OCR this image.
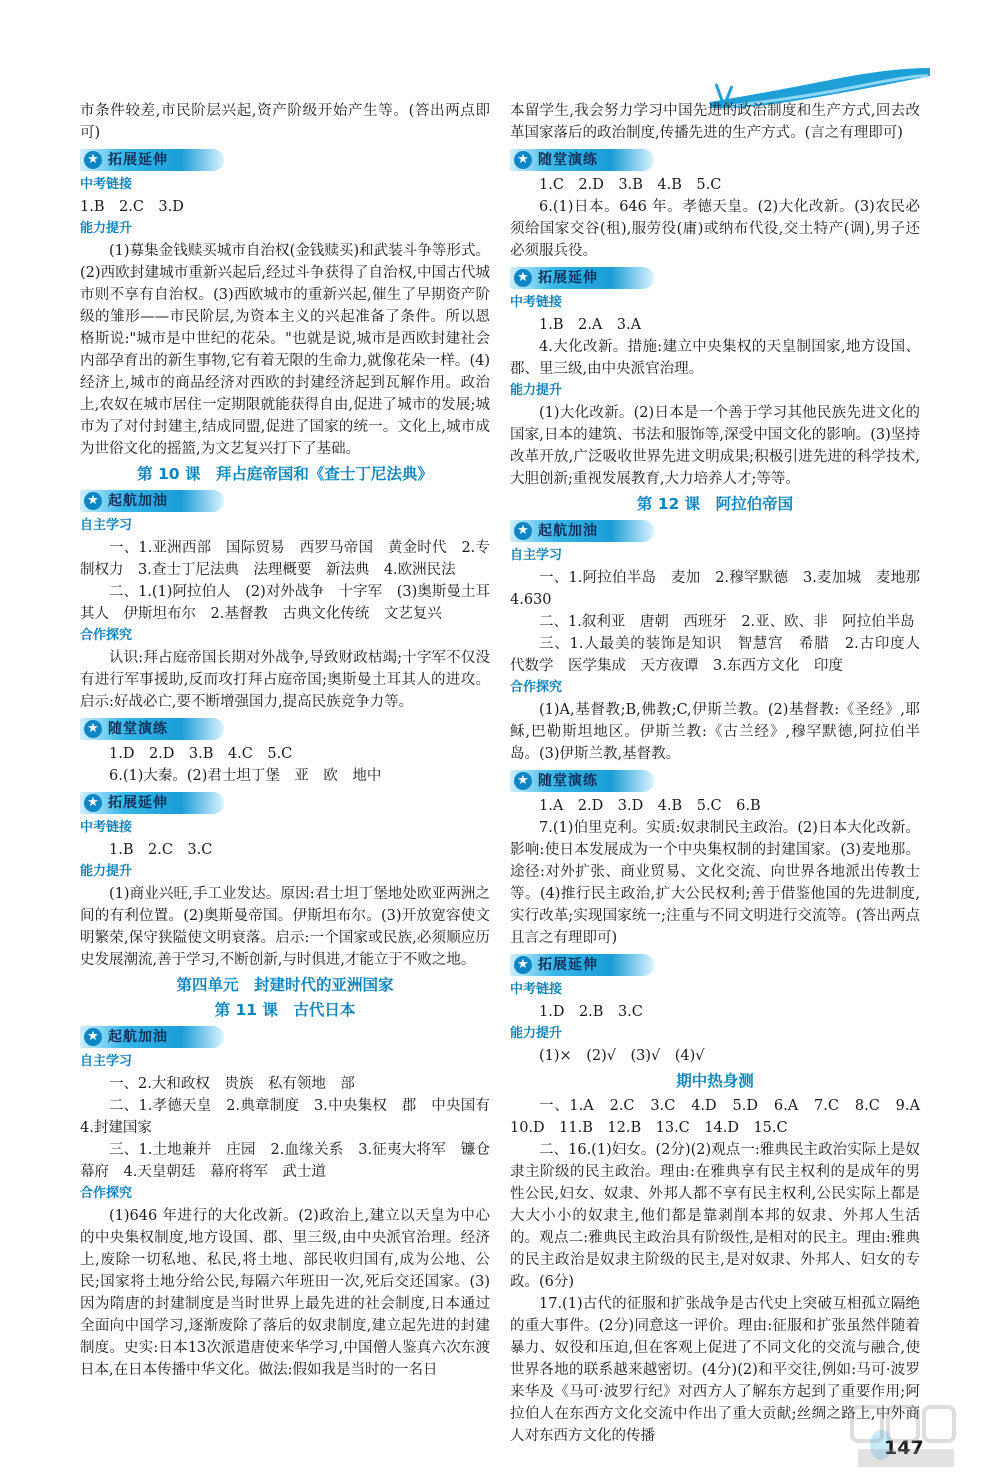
市条件较差,市民阶层兴起,资产阶级开始产生等。(答出两点即可)

★ 拓展延伸

中考链接

1.B　2.C　3.D

能力提升

(1)募集金钱赎买城市自治权(金钱赎买)和武装斗争等形式。(2)西欧封建城市重新兴起后,经过斗争获得了自治权,中国古代城市则不享有自治权。(3)西欧城市的重新兴起,催生了早期资产阶级的雏形——市民阶层,为资本主义的兴起准备了条件。所以恩格斯说:"城市是中世纪的花朵。"也就是说,城市是西欧封建社会内部孕育出的新生事物,它有着无限的生命力,就像花朵一样。(4)经济上,城市的商品经济对西欧的封建经济起到瓦解作用。政治上,农奴在城市居住一定期限就能获得自由,促进了城市的发展;城市为了对付封建主,结成同盟,促进了国家的统一。文化上,城市成为世俗文化的摇篮,为文艺复兴打下了基础。

第 10 课　拜占庭帝国和《查士丁尼法典》
★ 起航加油

自主学习

一、1.亚洲西部　国际贸易　西罗马帝国　黄金时代　2.专制权力　3.查士丁尼法典　法理概要　新法典　4.欧洲民法

二、1.(1)阿拉伯人　(2)对外战争　十字军　(3)奥斯曼土耳其人　伊斯坦布尔　2.基督教　古典文化传统　文艺复兴

合作探究

认识:拜占庭帝国长期对外战争,导致财政枯竭;十字军不仅没有进行军事援助,反而攻打拜占庭帝国;奥斯曼土耳其人的进攻。启示:好战必亡,要不断增强国力,提高民族竞争力等。

★ 随堂演练

1.D　2.D　3.B　4.C　5.C

6.(1)大秦。(2)君士坦丁堡　亚　欧　地中

★ 拓展延伸

中考链接

1.B　2.C　3.C

能力提升

(1)商业兴旺,手工业发达。原因:君士坦丁堡地处欧亚两洲之间的有利位置。(2)奥斯曼帝国。伊斯坦布尔。(3)开放宽容使文明繁荣,保守狭隘使文明衰落。启示:一个国家或民族,必须顺应历史发展潮流,善于学习,不断创新,与时俱进,才能立于不败之地。

第四单元　封建时代的亚洲国家
第 11 课　古代日本
★ 起航加油

自主学习

一、2.大和政权　贵族　私有领地　部

二、1.孝德天皇　2.典章制度　3.中央集权　郡　中央国有　4.封建国家

三、1.土地兼并　庄园　2.血缘关系　3.征夷大将军　镰仓幕府　4.天皇朝廷　幕府将军　武士道

合作探究

(1)646 年进行的大化改新。(2)政治上,建立以天皇为中心的中央集权制度,地方设国、郡、里三级,由中央派官治理。经济上,废除一切私地、私民,将土地、部民收归国有,成为公地、公民;国家将土地分给公民,每隔六年班田一次,死后交还国家。(3)因为隋唐的封建制度是当时世界上最先进的社会制度,日本通过全面向中国学习,逐渐废除了落后的奴隶制度,建立起先进的封建制度。史实:日本13次派遣唐使来华学习,中国僧人鉴真六次东渡日本,在日本传播中华文化。做法:假如我是当时的一名日

本留学生,我会努力学习中国先进的政治制度和生产方式,回去改革国家落后的政治制度,传播先进的生产方式。(言之有理即可)

★ 随堂演练

1.C　2.D　3.B　4.B　5.C

6.(1)日本。646 年。孝德天皇。(2)大化改新。(3)农民必须给国家交谷(租),服劳役(庸)或纳布代役,交土特产(调),男子还必须服兵役。

★ 拓展延伸

中考链接

1.B　2.A　3.A

4.大化改新。措施:建立中央集权的天皇制国家,地方设国、郡、里三级,由中央派官治理。

能力提升

(1)大化改新。(2)日本是一个善于学习其他民族先进文化的国家,日本的建筑、书法和服饰等,深受中国文化的影响。(3)坚持改革开放,广泛吸收世界先进文明成果;积极引进先进的科学技术,大胆创新;重视发展教育,大力培养人才;等等。

第 12 课　阿拉伯帝国
★ 起航加油

自主学习

一、1.阿拉伯半岛　麦加　2.穆罕默德　3.麦加城　麦地那　4.630

二、1.叙利亚　唐朝　西班牙　2.亚、欧、非　阿拉伯半岛

三、1.人最美的装饰是知识　智慧宫　希腊　2.古印度人　代数学　医学集成　天方夜谭　3.东西方文化　印度

合作探究

(1)A,基督教;B,佛教;C,伊斯兰教。(2)基督教:《圣经》,耶稣,巴勒斯坦地区。伊斯兰教:《古兰经》,穆罕默德,阿拉伯半岛。(3)伊斯兰教,基督教。

★ 随堂演练

1.A　2.D　3.D　4.B　5.C　6.B

7.(1)伯里克利。实质:奴隶制民主政治。(2)日本大化改新。影响:使日本发展成为一个中央集权制的封建国家。(3)麦地那。途径:对外扩张、商业贸易、文化交流、向世界各地派出传教士等。(4)推行民主政治,扩大公民权利;善于借鉴他国的先进制度,实行改革;实现国家统一;注重与不同文明进行交流等。(答出两点且言之有理即可)

★ 拓展延伸

中考链接

1.D　2.B　3.C

能力提升

(1)×　(2)√　(3)√　(4)√

期中热身测

一、1.A　2.C　3.C　4.D　5.D　6.A　7.C　8.C　9.A　10.D　11.B　12.B　13.C　14.D　15.C

二、16.(1)妇女。(2分)(2)观点一:雅典民主政治实际上是奴隶主阶级的民主政治。理由:在雅典享有民主权利的是成年的男性公民,妇女、奴隶、外邦人都不享有民主权利,公民实际上都是大大小小的奴隶主,他们都是靠剥削本邦的奴隶、外邦人生活的。观点二:雅典民主政治具有阶级性,是相对的民主。理由:雅典的民主政治是奴隶主阶级的民主,是对奴隶、外邦人、妇女的专政。(6分)

17.(1)古代的征服和扩张战争是古代史上突破互相孤立隔绝的重大事件。(2分)同意这一评价。理由:征服和扩张虽然伴随着暴力、奴役和压迫,但在客观上促进了不同文化的交流与融合,使世界各地的联系越来越密切。(4分)(2)和平交往,例如:马可·波罗来华及《马可·波罗行纪》对西方人了解东方起到了重要作用;阿拉伯人在东西方文化交流中作出了重大贡献;丝绸之路上,中外商人对东西方文化的传播

147
